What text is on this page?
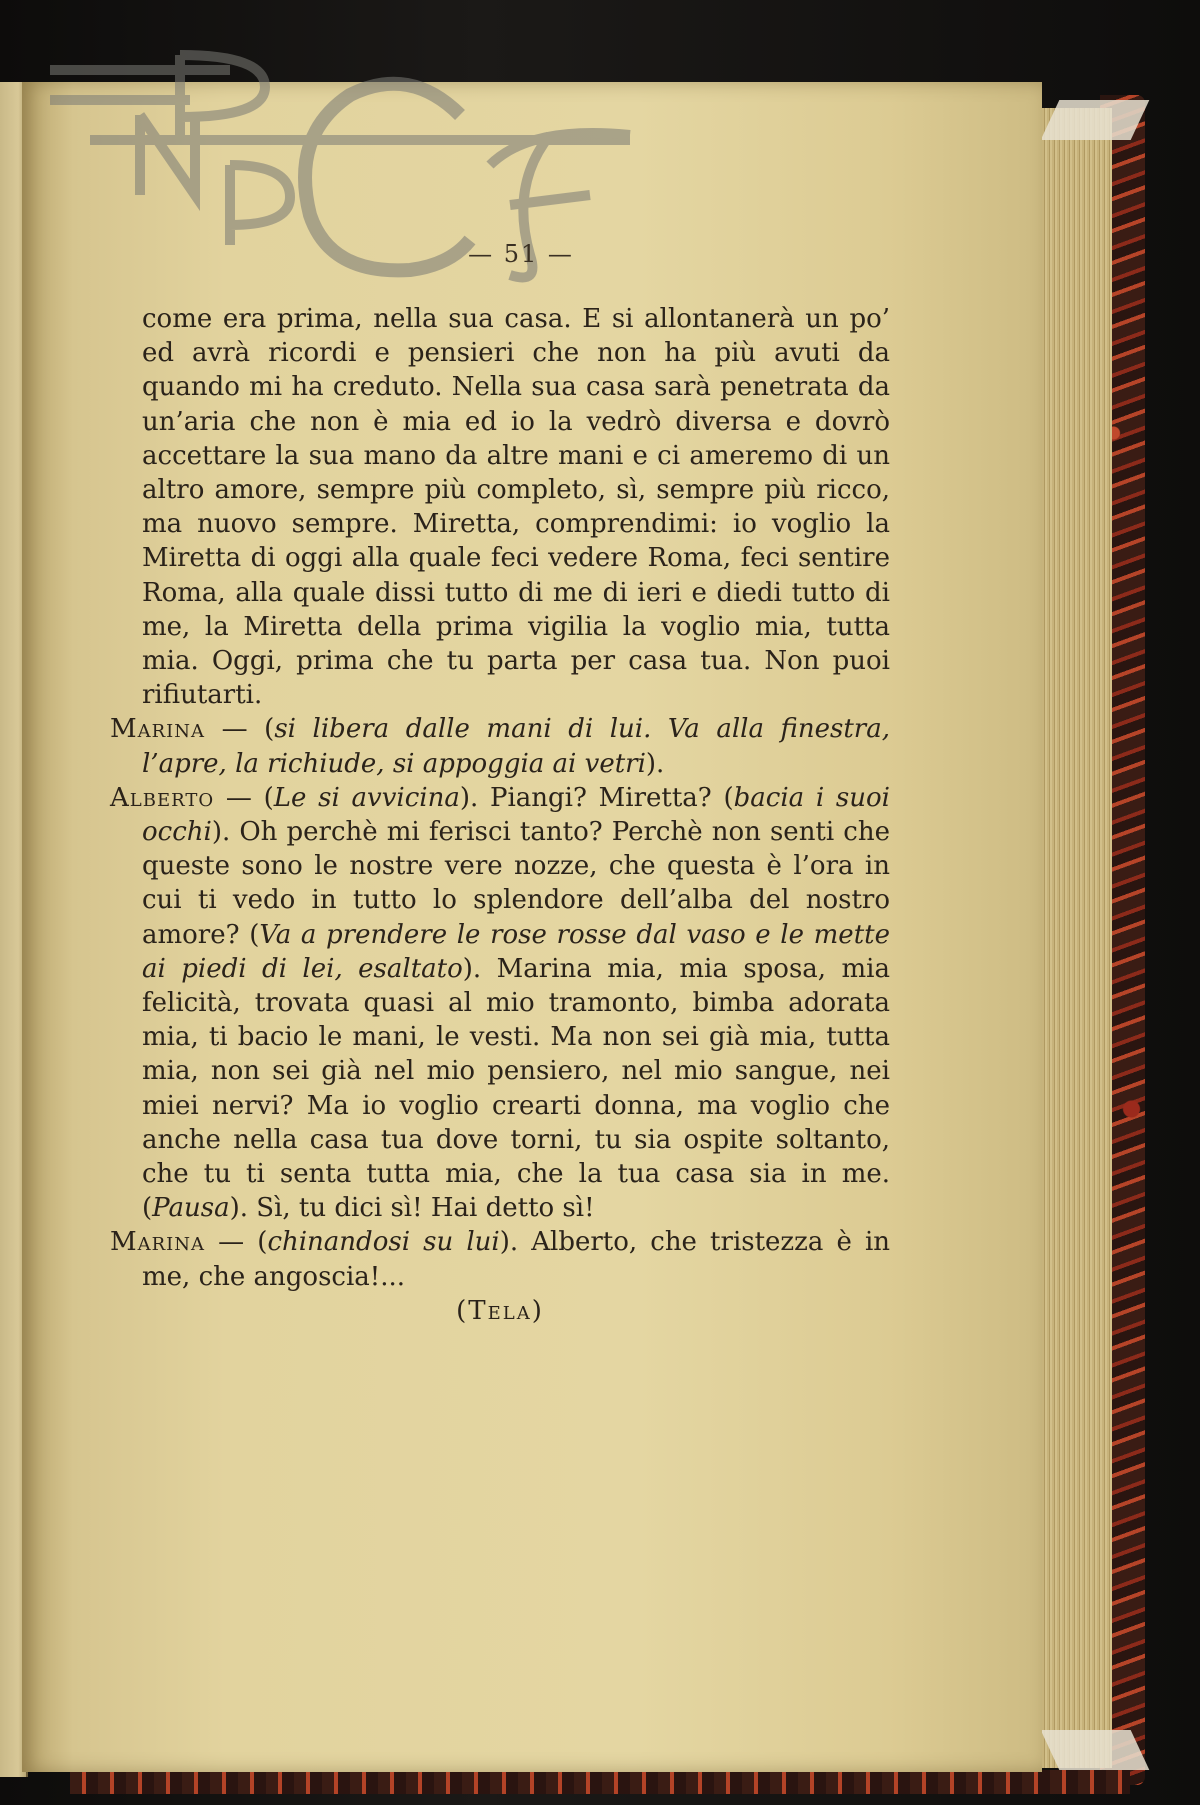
— 51 —

come era prima, nella sua casa. E si allontanerà un po’ ed avrà ricordi e pensieri che non ha più avuti da quando mi ha creduto. Nella sua casa sarà penetrata da un’aria che non è mia ed io la vedrò diversa e dovrò accettare la sua mano da altre mani e ci ameremo di un altro amore, sempre più completo, sì, sempre più ricco, ma nuovo sempre. Miretta, comprendimi: io voglio la Miretta di oggi alla quale feci vedere Roma, feci sentire Roma, alla quale dissi tutto di me di ieri e diedi tutto di me, la Miretta della prima vigilia la voglio mia, tutta mia. Oggi, prima che tu parta per casa tua. Non puoi rifiutarti.

Marina — (si libera dalle mani di lui. Va alla finestra, l’apre, la richiude, si appoggia ai vetri).

Alberto — (Le si avvicina). Piangi? Miretta? (bacia i suoi occhi). Oh perchè mi ferisci tanto? Perchè non senti che queste sono le nostre vere nozze, che questa è l’ora in cui ti vedo in tutto lo splendore dell’alba del nostro amore? (Va a prendere le rose rosse dal vaso e le mette ai piedi di lei, esaltato). Marina mia, mia sposa, mia felicità, trovata quasi al mio tramonto, bimba adorata mia, ti bacio le mani, le vesti. Ma non sei già mia, tutta mia, non sei già nel mio pensiero, nel mio sangue, nei miei nervi? Ma io voglio crearti donna, ma voglio che anche nella casa tua dove torni, tu sia ospite soltanto, che tu ti senta tutta mia, che la tua casa sia in me. (Pausa). Sì, tu dici sì! Hai detto sì!

Marina — (chinandosi su lui). Alberto, che tristezza è in me, che angoscia!...

(Tela)
